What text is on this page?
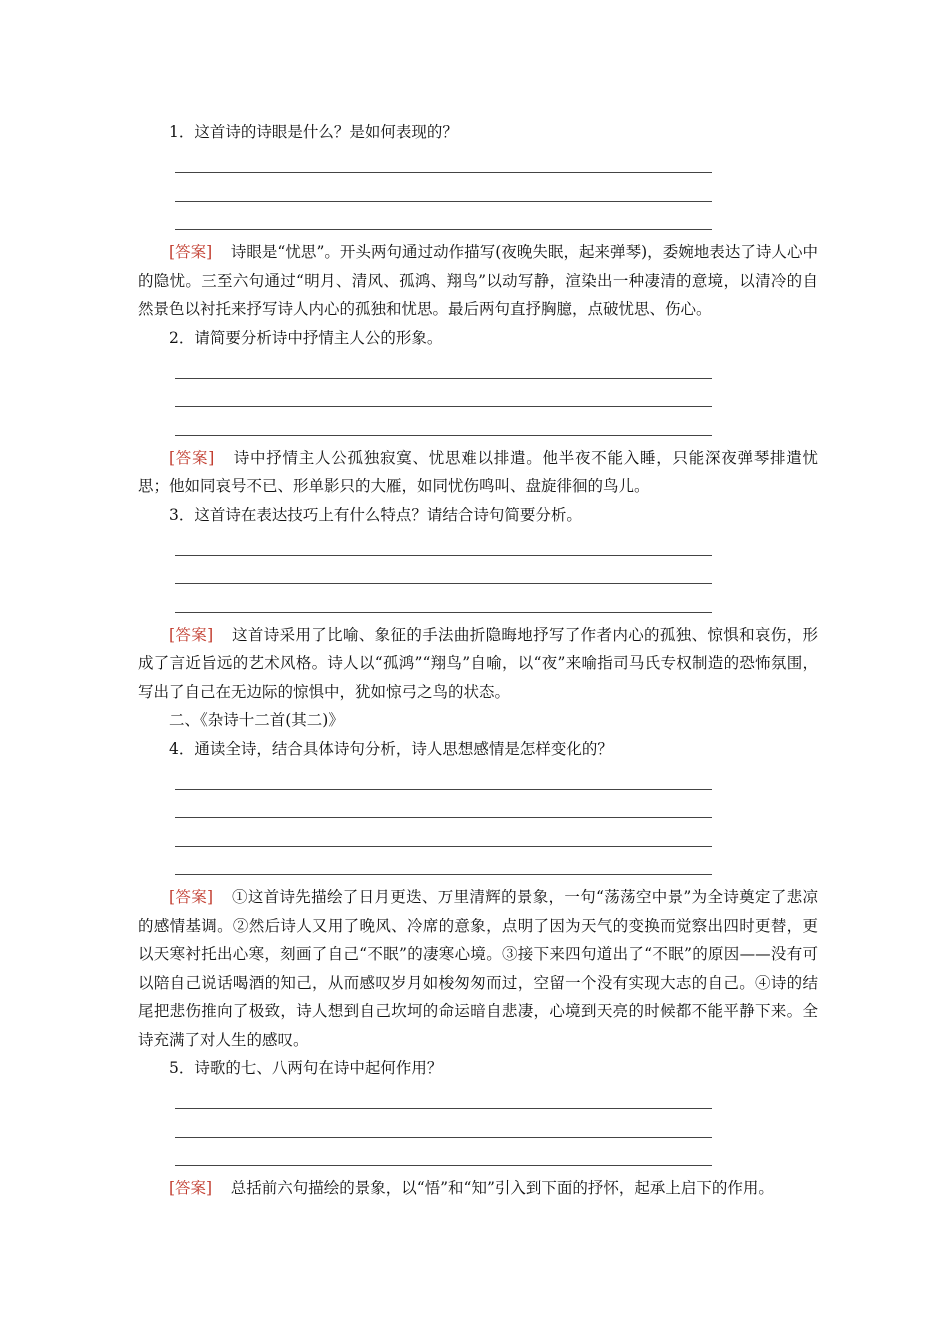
1．这首诗的诗眼是什么？是如何表现的？

[答案] 诗眼是“忧思”。开头两句通过动作描写(夜晚失眠，起来弹琴)，委婉地表达了诗人心中的隐忧。三至六句通过“明月、清风、孤鸿、翔鸟”以动写静，渲染出一种凄清的意境，以清冷的自然景色以衬托来抒写诗人内心的孤独和忧思。最后两句直抒胸臆，点破忧思、伤心。

2．请简要分析诗中抒情主人公的形象。

[答案] 诗中抒情主人公孤独寂寞、忧思难以排遣。他半夜不能入睡，只能深夜弹琴排遣忧思；他如同哀号不已、形单影只的大雁，如同忧伤鸣叫、盘旋徘徊的鸟儿。

3．这首诗在表达技巧上有什么特点？请结合诗句简要分析。

[答案] 这首诗采用了比喻、象征的手法曲折隐晦地抒写了作者内心的孤独、惊惧和哀伤，形成了言近旨远的艺术风格。诗人以“孤鸿”“翔鸟”自喻，以“夜”来喻指司马氏专权制造的恐怖氛围，写出了自己在无边际的惊惧中，犹如惊弓之鸟的状态。

二、《杂诗十二首(其二)》

4．通读全诗，结合具体诗句分析，诗人思想感情是怎样变化的？

[答案] ①这首诗先描绘了日月更迭、万里清辉的景象，一句“荡荡空中景”为全诗奠定了悲凉的感情基调。②然后诗人又用了晚风、冷席的意象，点明了因为天气的变换而觉察出四时更替，更以天寒衬托出心寒，刻画了自己“不眠”的凄寒心境。③接下来四句道出了“不眠”的原因——没有可以陪自己说话喝酒的知己，从而感叹岁月如梭匆匆而过，空留一个没有实现大志的自己。④诗的结尾把悲伤推向了极致，诗人想到自己坎坷的命运暗自悲凄，心境到天亮的时候都不能平静下来。全诗充满了对人生的感叹。

5．诗歌的七、八两句在诗中起何作用？

[答案] 总括前六句描绘的景象，以“悟”和“知”引入到下面的抒怀，起承上启下的作用。
